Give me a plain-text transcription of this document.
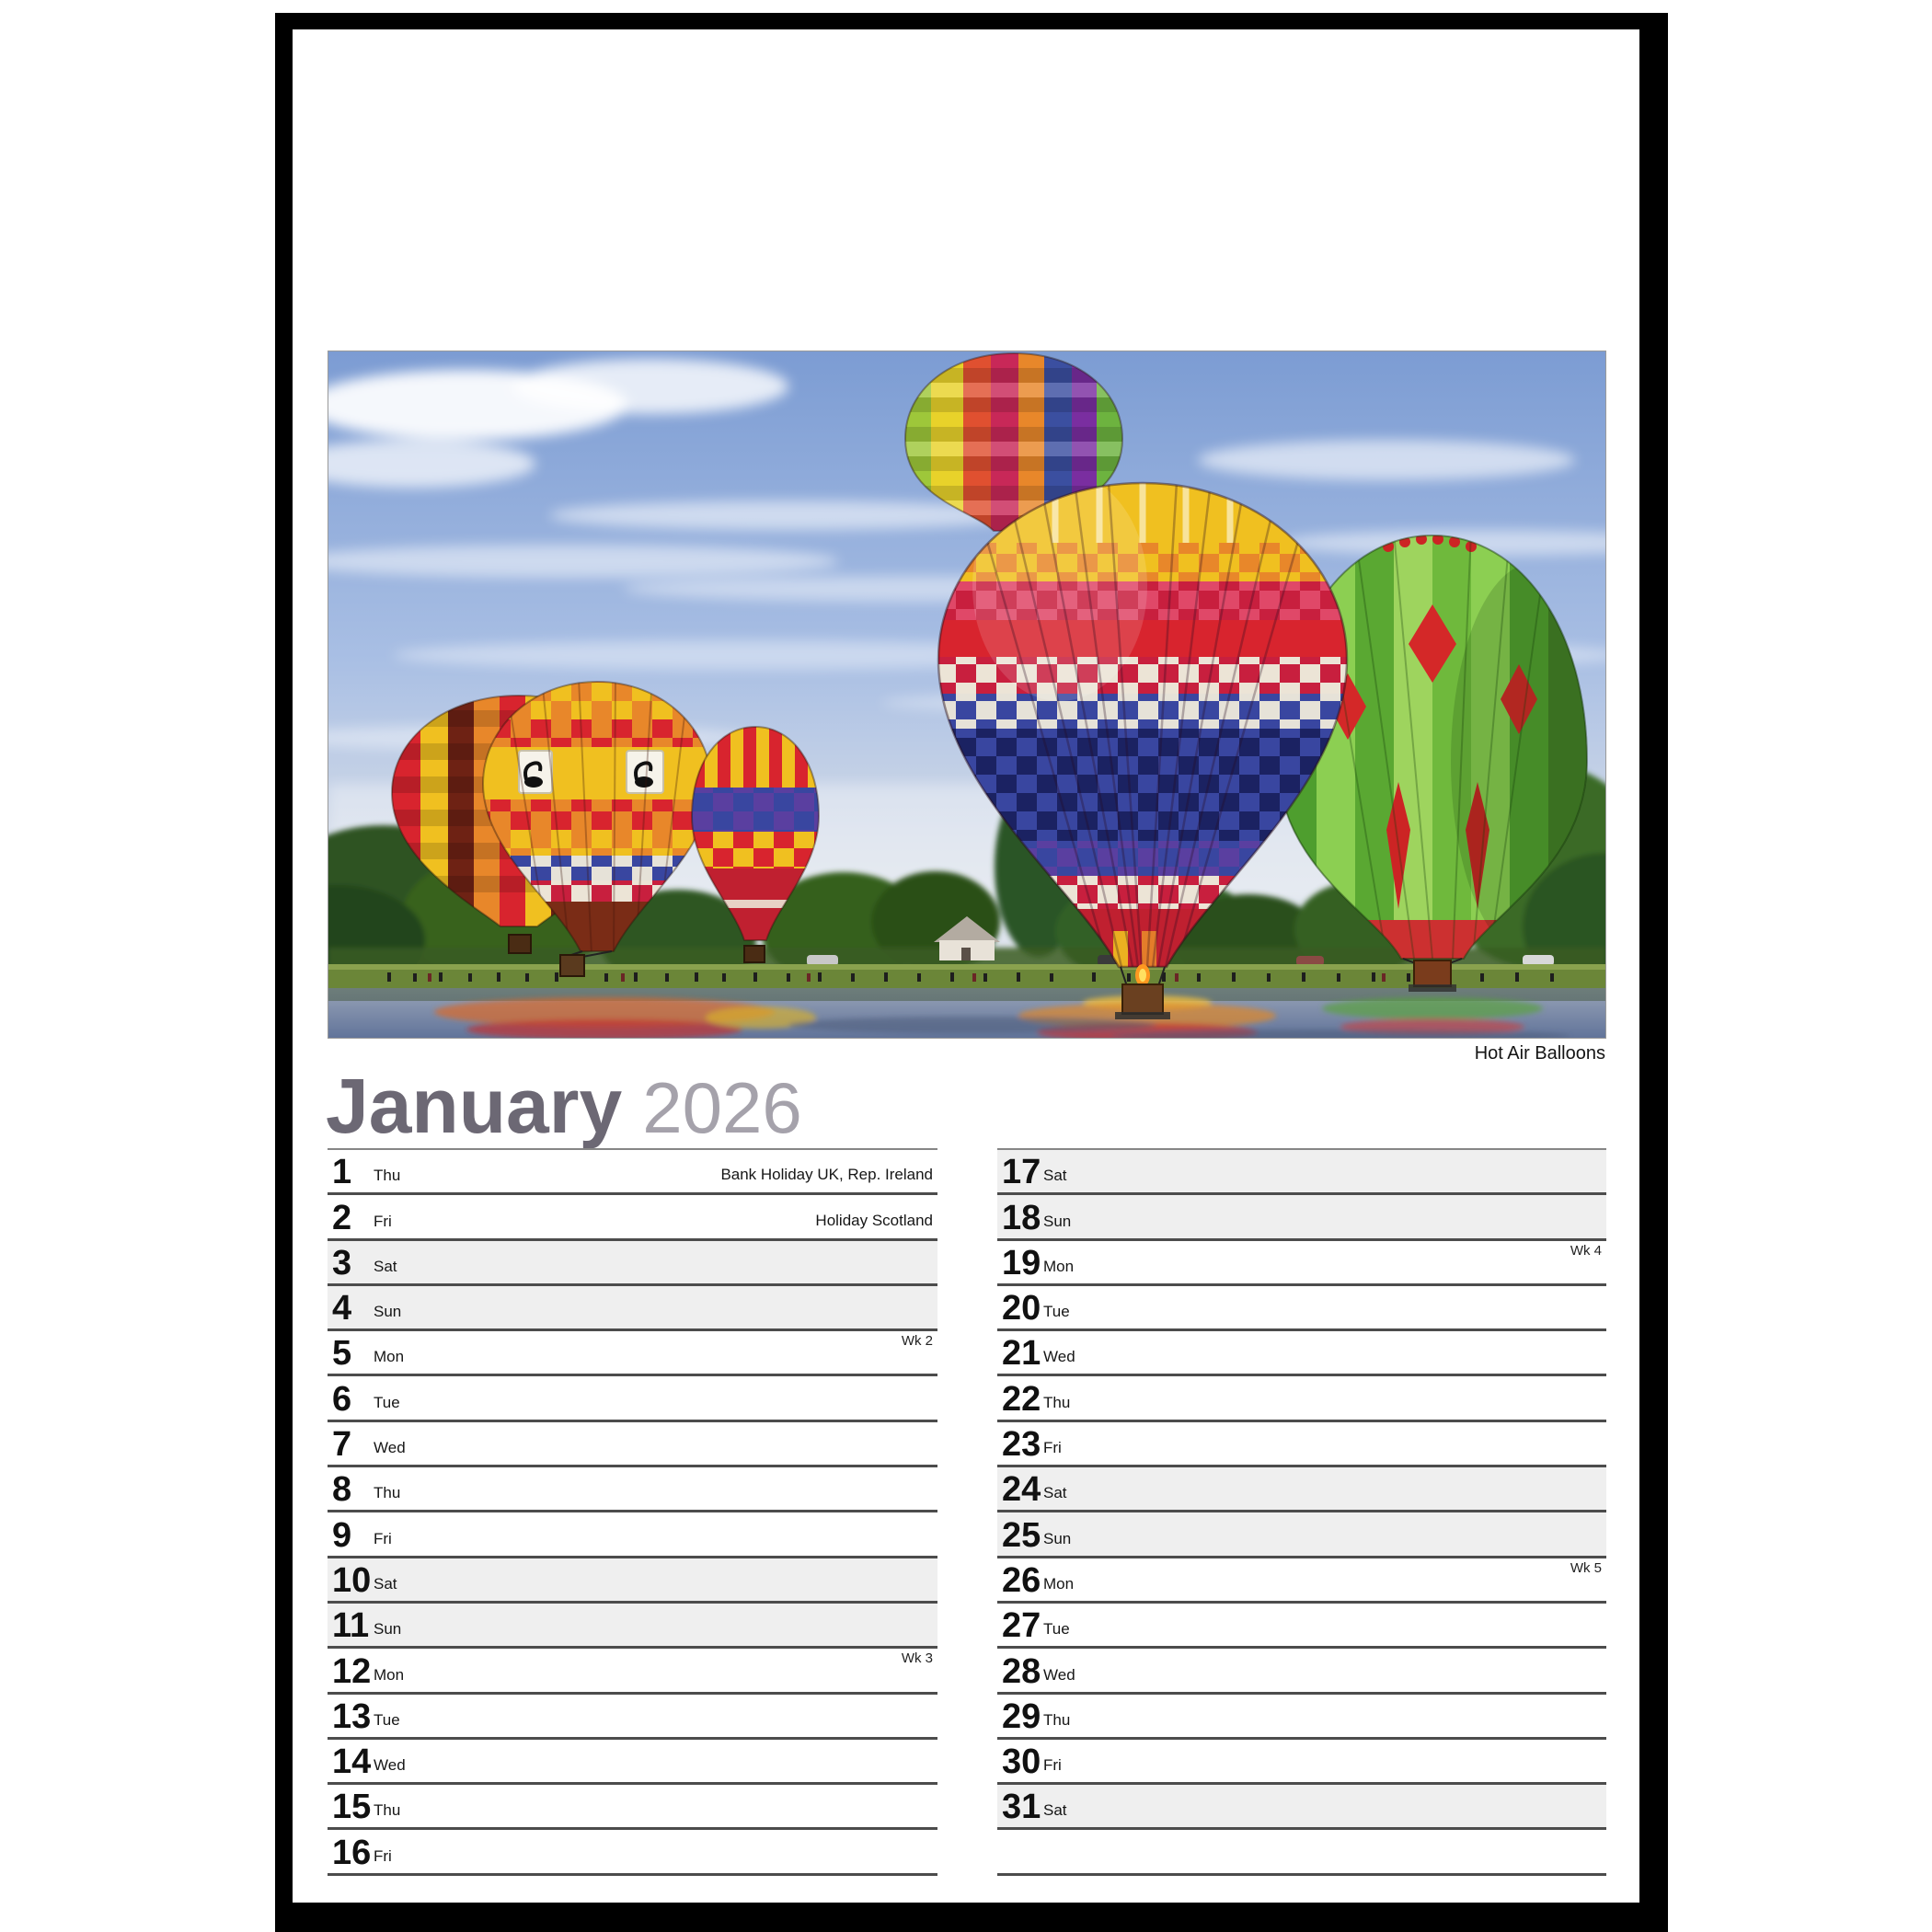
Hot Air Balloons
January 2026
1 Thu	Bank Holiday UK, Rep. Ireland
2 Fri	Holiday Scotland
3 Sat
4 Sun
5 Mon
Wk 2
6 Tue
7 Wed
8 Thu
9 Fri
10 Sat
11 Sun
12 Mon
Wk 3
13 Tue
14 Wed
15 Thu
16 Fri
17 Sat
18 Sun
19 Mon
Wk 4
20 Tue
21 Wed
22 Thu
23 Fri
24 Sat
25 Sun
26 Mon
Wk 5
27 Tue
28 Wed
29 Thu
30 Fri
31 Sat
